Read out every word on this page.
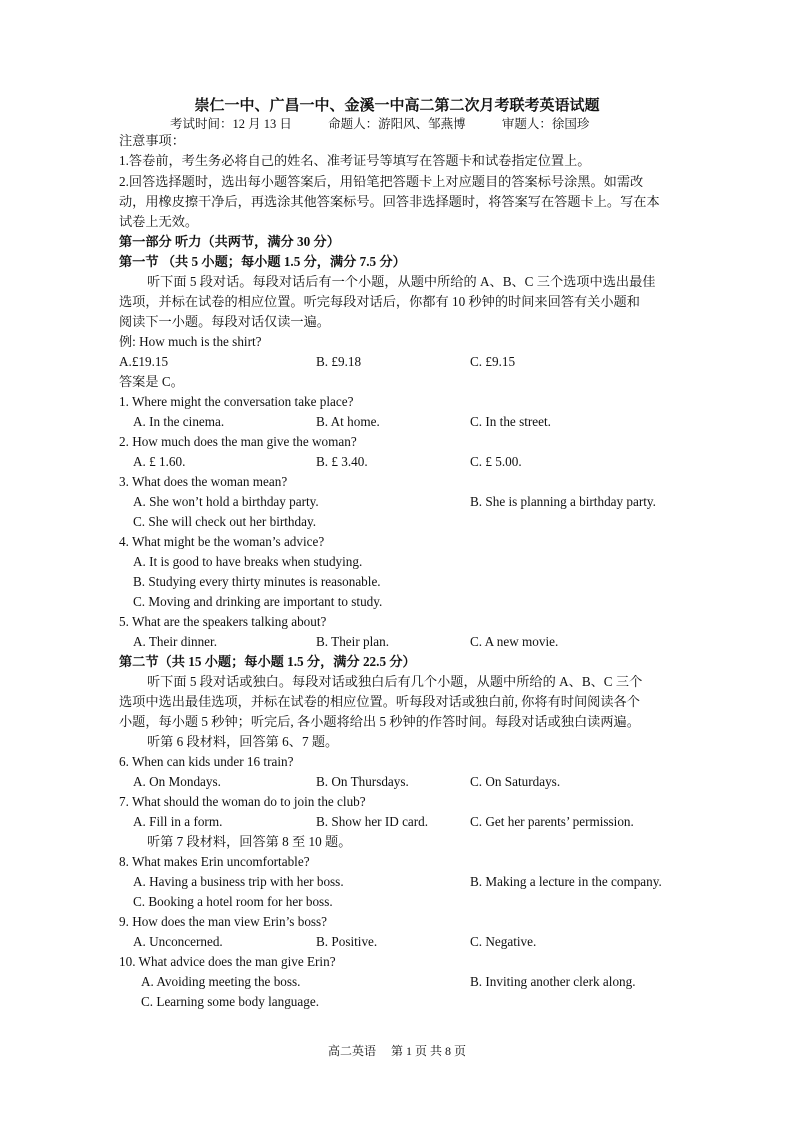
崇仁一中、广昌一中、金溪一中高二第二次月考联考英语试题
考试时间：12 月 13 日	命题人：游阳风、邹燕博	审题人：徐国珍
注意事项：
1.答卷前，考生务必将自己的姓名、准考证号等填写在答题卡和试卷指定位置上。
2.回答选择题时，选出每小题答案后，用铅笔把答题卡上对应题目的答案标号涂黑。如需改
动，用橡皮擦干净后，再选涂其他答案标号。回答非选择题时，将答案写在答题卡上。写在本
试卷上无效。
第一部分 听力（共两节，满分 30 分）
第一节 （共 5 小题；每小题 1.5 分，满分 7.5 分）
听下面 5 段对话。每段对话后有一个小题，从题中所给的 A、B、C 三个选项中选出最佳
选项，并标在试卷的相应位置。听完每段对话后，你都有 10 秒钟的时间来回答有关小题和
阅读下一小题。每段对话仅读一遍。
例: How much is the shirt?
A.£19.15	B. £9.18	C. £9.15
答案是 C。
1. Where might the conversation take place?
A. In the cinema.	B. At home.	C. In the street.
2. How much does the man give the woman?
A. £ 1.60.	B. £ 3.40.	C. £ 5.00.
3. What does the woman mean?
A. She won’t hold a birthday party.	B. She is planning a birthday party.
C. She will check out her birthday.
4. What might be the woman’s advice?
A. It is good to have breaks when studying.
B. Studying every thirty minutes is reasonable.
C. Moving and drinking are important to study.
5. What are the speakers talking about?
A. Their dinner.	B. Their plan.	C. A new movie.
第二节（共 15 小题；每小题 1.5 分，满分 22.5 分）
听下面 5 段对话或独白。每段对话或独白后有几个小题，从题中所给的 A、B、C 三个
选项中选出最佳选项，并标在试卷的相应位置。听每段对话或独白前, 你将有时间阅读各个
小题，每小题 5 秒钟；听完后, 各小题将给出 5 秒钟的作答时间。每段对话或独白读两遍。
听第 6 段材料，回答第 6、7 题。
6. When can kids under 16 train?
A. On Mondays.	B. On Thursdays.	C. On Saturdays.
7. What should the woman do to join the club?
A. Fill in a form.	B. Show her ID card.	C. Get her parents’ permission.
听第 7 段材料，回答第 8 至 10 题。
8. What makes Erin uncomfortable?
A. Having a business trip with her boss.	B. Making a lecture in the company.
C. Booking a hotel room for her boss.
9. How does the man view Erin’s boss?
A. Unconcerned.	B. Positive.	C. Negative.
10. What advice does the man give Erin?
A. Avoiding meeting the boss.	B. Inviting another clerk along.
C. Learning some body language.
高二英语　 第 1 页 共 8 页
